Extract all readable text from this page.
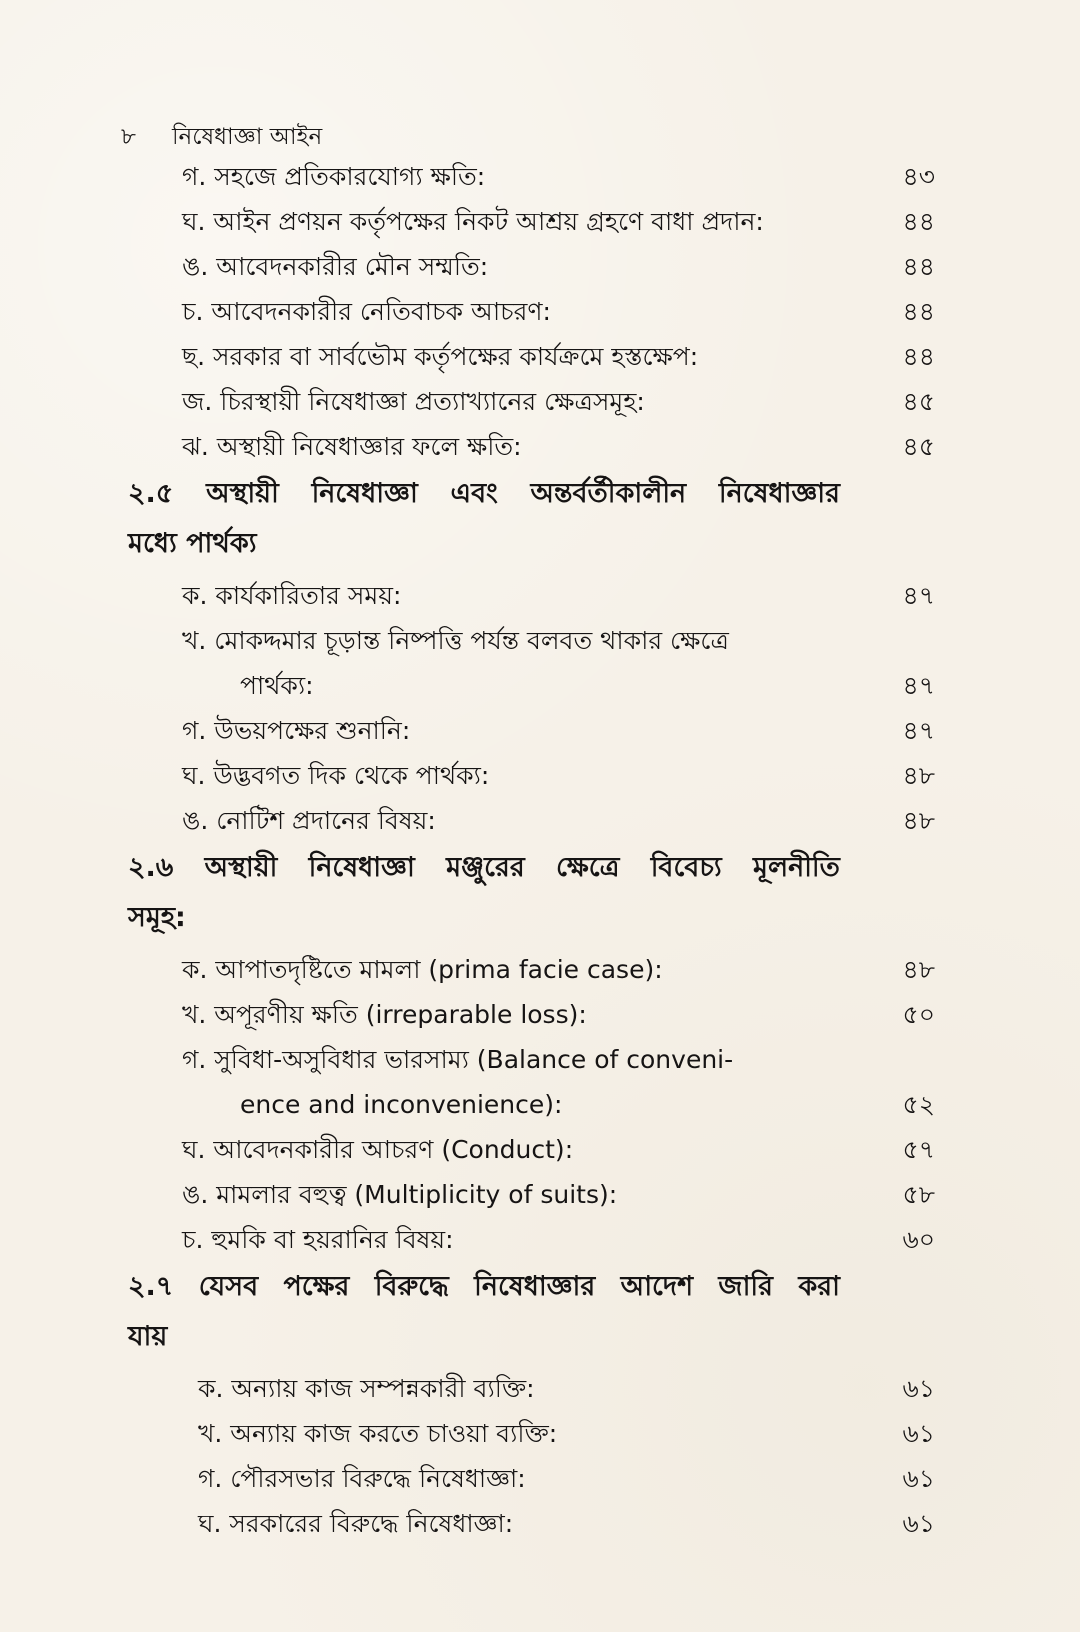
৮ নিষেধাজ্ঞা আইন
গ. সহজে প্রতিকারযোগ্য ক্ষতি:	৪৩
ঘ. আইন প্রণয়ন কর্তৃপক্ষের নিকট আশ্রয় গ্রহণে বাধা প্রদান:	৪৪
ঙ. আবেদনকারীর মৌন সম্মতি:	৪৪
চ. আবেদনকারীর নেতিবাচক আচরণ:	৪৪
ছ. সরকার বা সার্বভৌম কর্তৃপক্ষের কার্যক্রমে হস্তক্ষেপ:	৪৪
জ. চিরস্থায়ী নিষেধাজ্ঞা প্রত্যাখ্যানের ক্ষেত্রসমূহ:	৪৫
ঝ. অস্থায়ী নিষেধাজ্ঞার ফলে ক্ষতি:	৪৫
২.৫ অস্থায়ী নিষেধাজ্ঞা এবং অন্তর্বর্তীকালীন নিষেধাজ্ঞার
মধ্যে পার্থক্য
ক. কার্যকারিতার সময়:	৪৭
খ. মোকদ্দমার চূড়ান্ত নিষ্পত্তি পর্যন্ত বলবত থাকার ক্ষেত্রে
পার্থক্য:	৪৭
গ. উভয়পক্ষের শুনানি:	৪৭
ঘ. উদ্ভবগত দিক থেকে পার্থক্য:	৪৮
ঙ. নোটিশ প্রদানের বিষয়:	৪৮
২.৬ অস্থায়ী নিষেধাজ্ঞা মঞ্জুরের ক্ষেত্রে বিবেচ্য মূলনীতি
সমূহ:
ক. আপাতদৃষ্টিতে মামলা (prima facie case):	৪৮
খ. অপূরণীয় ক্ষতি (irreparable loss):	৫০
গ. সুবিধা-অসুবিধার ভারসাম্য (Balance of conveni-
ence and inconvenience):	৫২
ঘ. আবেদনকারীর আচরণ (Conduct):	৫৭
ঙ. মামলার বহুত্ব (Multiplicity of suits):	৫৮
চ. হুমকি বা হয়রানির বিষয়:	৬০
২.৭ যেসব পক্ষের বিরুদ্ধে নিষেধাজ্ঞার আদেশ জারি করা
যায়
ক. অন্যায় কাজ সম্পন্নকারী ব্যক্তি:	৬১
খ. অন্যায় কাজ করতে চাওয়া ব্যক্তি:	৬১
গ. পৌরসভার বিরুদ্ধে নিষেধাজ্ঞা:	৬১
ঘ. সরকারের বিরুদ্ধে নিষেধাজ্ঞা:	৬১
